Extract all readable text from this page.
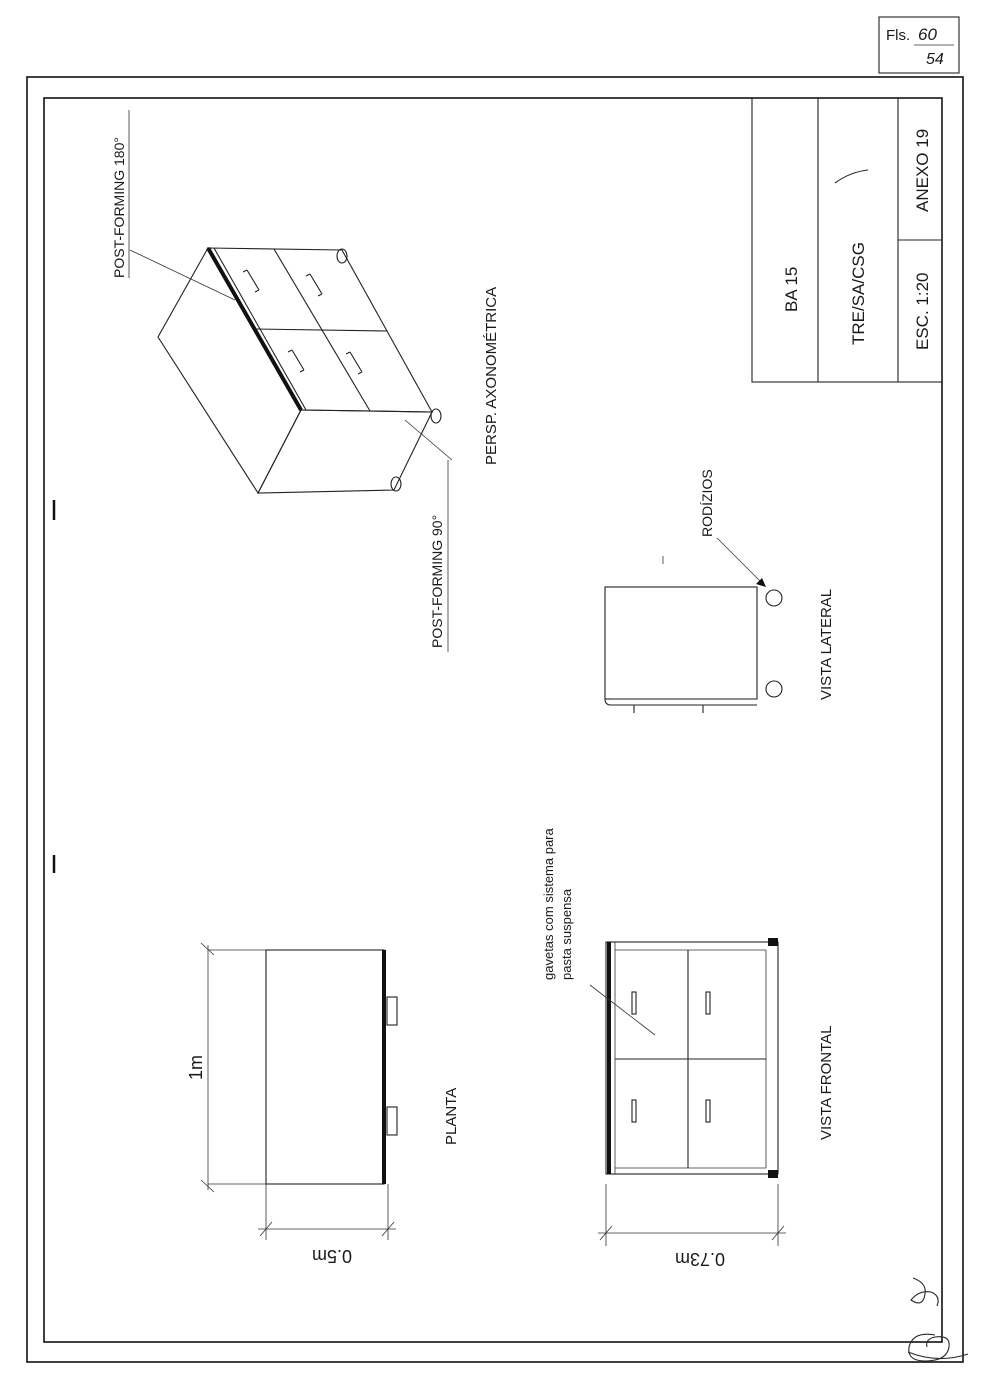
Fls. 60
54
BA 15	TRE/SA/CSG	ESC. 1:20
ANEXO 19
POST-FORMING 180°
POST-FORMING 90°
PERSP. AXONOMÉTRICA
RODÍZIOS
VISTA LATERAL
1m
0.5m
PLANTA
gavetas com sistema para pasta suspensa
0.73m
VISTA FRONTAL
